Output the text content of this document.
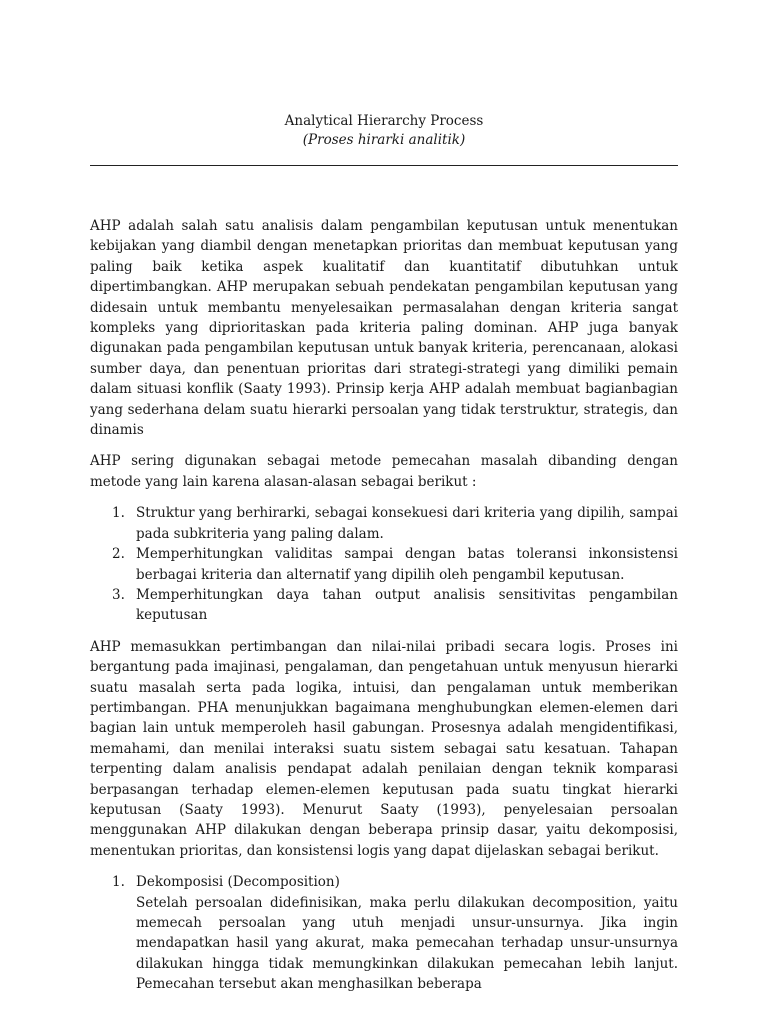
Analytical Hierarchy Process
(Proses hirarki analitik)

AHP adalah salah satu analisis dalam pengambilan keputusan untuk menentukan kebijakan yang diambil dengan menetapkan prioritas dan membuat keputusan yang paling baik ketika aspek kualitatif dan kuantitatif dibutuhkan untuk dipertimbangkan. AHP merupakan sebuah pendekatan pengambilan keputusan yang didesain untuk membantu menyelesaikan permasalahan dengan kriteria sangat kompleks yang diprioritaskan pada kriteria paling dominan. AHP juga banyak digunakan pada pengambilan keputusan untuk banyak kriteria, perencanaan, alokasi sumber daya, dan penentuan prioritas dari strategi-strategi yang dimiliki pemain dalam situasi konflik (Saaty 1993). Prinsip kerja AHP adalah membuat bagianbagian yang sederhana delam suatu hierarki persoalan yang tidak terstruktur, strategis, dan dinamis

AHP sering digunakan sebagai metode pemecahan masalah dibanding dengan metode yang lain karena alasan-alasan sebagai berikut :

1. Struktur yang berhirarki, sebagai konsekuesi dari kriteria yang dipilih, sampai pada subkriteria yang paling dalam.
2. Memperhitungkan validitas sampai dengan batas toleransi inkonsistensi berbagai kriteria dan alternatif yang dipilih oleh pengambil keputusan.
3. Memperhitungkan daya tahan output analisis sensitivitas pengambilan keputusan

AHP memasukkan pertimbangan dan nilai-nilai pribadi secara logis. Proses ini bergantung pada imajinasi, pengalaman, dan pengetahuan untuk menyusun hierarki suatu masalah serta pada logika, intuisi, dan pengalaman untuk memberikan pertimbangan. PHA menunjukkan bagaimana menghubungkan elemen-elemen dari bagian lain untuk memperoleh hasil gabungan. Prosesnya adalah mengidentifikasi, memahami, dan menilai interaksi suatu sistem sebagai satu kesatuan. Tahapan terpenting dalam analisis pendapat adalah penilaian dengan teknik komparasi berpasangan terhadap elemen-elemen keputusan pada suatu tingkat hierarki keputusan (Saaty 1993). Menurut Saaty (1993), penyelesaian persoalan menggunakan AHP dilakukan dengan beberapa prinsip dasar, yaitu dekomposisi, menentukan prioritas, dan konsistensi logis yang dapat dijelaskan sebagai berikut.

1. Dekomposisi (Decomposition)
Setelah persoalan didefinisikan, maka perlu dilakukan decomposition, yaitu memecah persoalan yang utuh menjadi unsur-unsurnya. Jika ingin mendapatkan hasil yang akurat, maka pemecahan terhadap unsur-unsurnya dilakukan hingga tidak memungkinkan dilakukan pemecahan lebih lanjut. Pemecahan tersebut akan menghasilkan beberapa
